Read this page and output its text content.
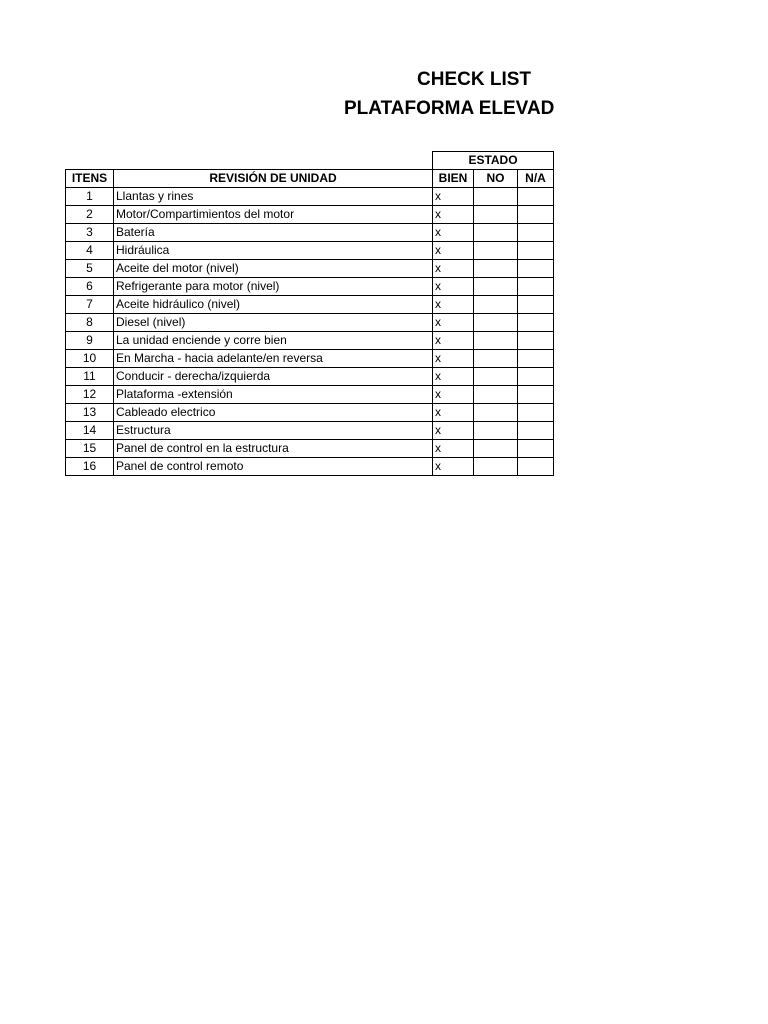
CHECK LIST
PLATAFORMA ELEVAD
		ESTADO		
ITENS	REVISIÓN DE UNIDAD	BIEN	NO	N/A
1	Llantas y rines	x		
2	Motor/Compartimientos del motor	x		
3	Batería	x		
4	Hidráulica	x		
5	Aceite del motor (nivel)	x		
6	Refrigerante para motor (nivel)	x		
7	Aceite hidráulico (nivel)	x		
8	Diesel (nivel)	x		
9	La unidad enciende y corre bien	x		
10	En Marcha - hacia adelante/en reversa	x		
11	Conducir - derecha/izquierda	x		
12	Plataforma -extensión	x		
13	Cableado electrico	x		
14	Estructura	x		
15	Panel de control en la estructura	x		
16	Panel de control remoto	x		
